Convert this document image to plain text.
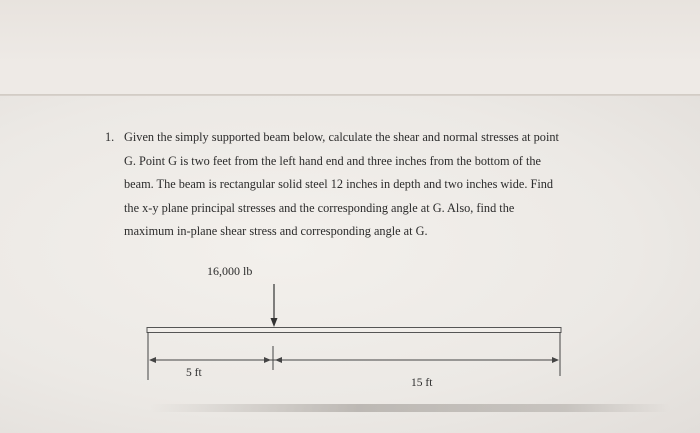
1. Given the simply supported beam below, calculate the shear and normal stresses at point
G. Point G is two feet from the left hand end and three inches from the bottom of the
beam. The beam is rectangular solid steel 12 inches in depth and two inches wide. Find
the x-y plane principal stresses and the corresponding angle at G. Also, find the
maximum in-plane shear stress and corresponding angle at G.
16,000 lb
5 ft
15 ft
